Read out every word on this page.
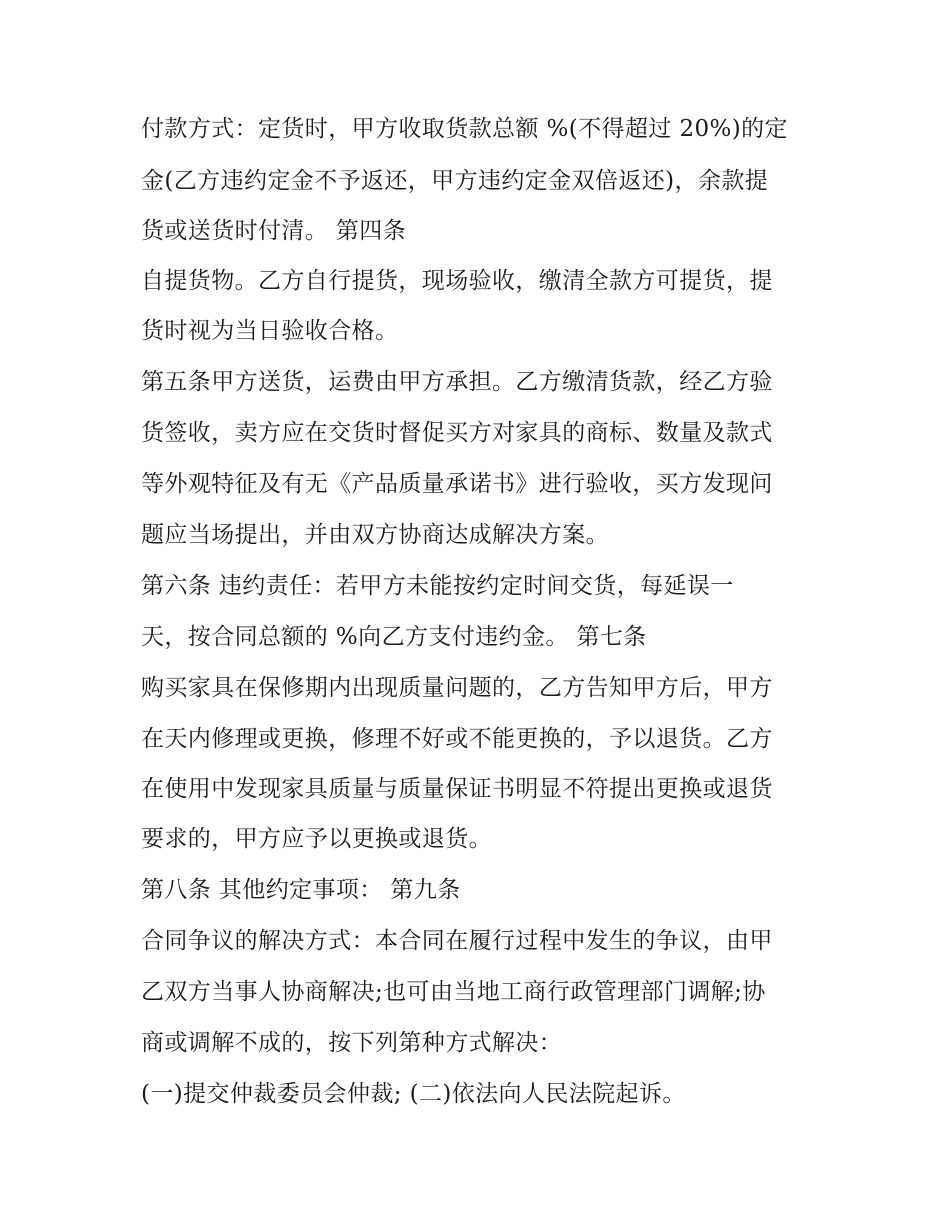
付款方式：定货时，甲方收取货款总额 %(不得超过 20%)的定

金(乙方违约定金不予返还，甲方违约定金双倍返还)，余款提

货或送货时付清。 第四条

自提货物。乙方自行提货，现场验收，缴清全款方可提货，提

货时视为当日验收合格。

第五条甲方送货，运费由甲方承担。乙方缴清货款，经乙方验

货签收，卖方应在交货时督促买方对家具的商标、数量及款式

等外观特征及有无《产品质量承诺书》进行验收，买方发现问

题应当场提出，并由双方协商达成解决方案。

第六条 违约责任：若甲方未能按约定时间交货，每延误一

天，按合同总额的 %向乙方支付违约金。 第七条

购买家具在保修期内出现质量问题的，乙方告知甲方后，甲方

在天内修理或更换，修理不好或不能更换的，予以退货。乙方

在使用中发现家具质量与质量保证书明显不符提出更换或退货

要求的，甲方应予以更换或退货。

第八条 其他约定事项： 第九条

合同争议的解决方式：本合同在履行过程中发生的争议，由甲

乙双方当事人协商解决;也可由当地工商行政管理部门调解;协

商或调解不成的，按下列第种方式解决：

(一)提交仲裁委员会仲裁; (二)依法向人民法院起诉。
